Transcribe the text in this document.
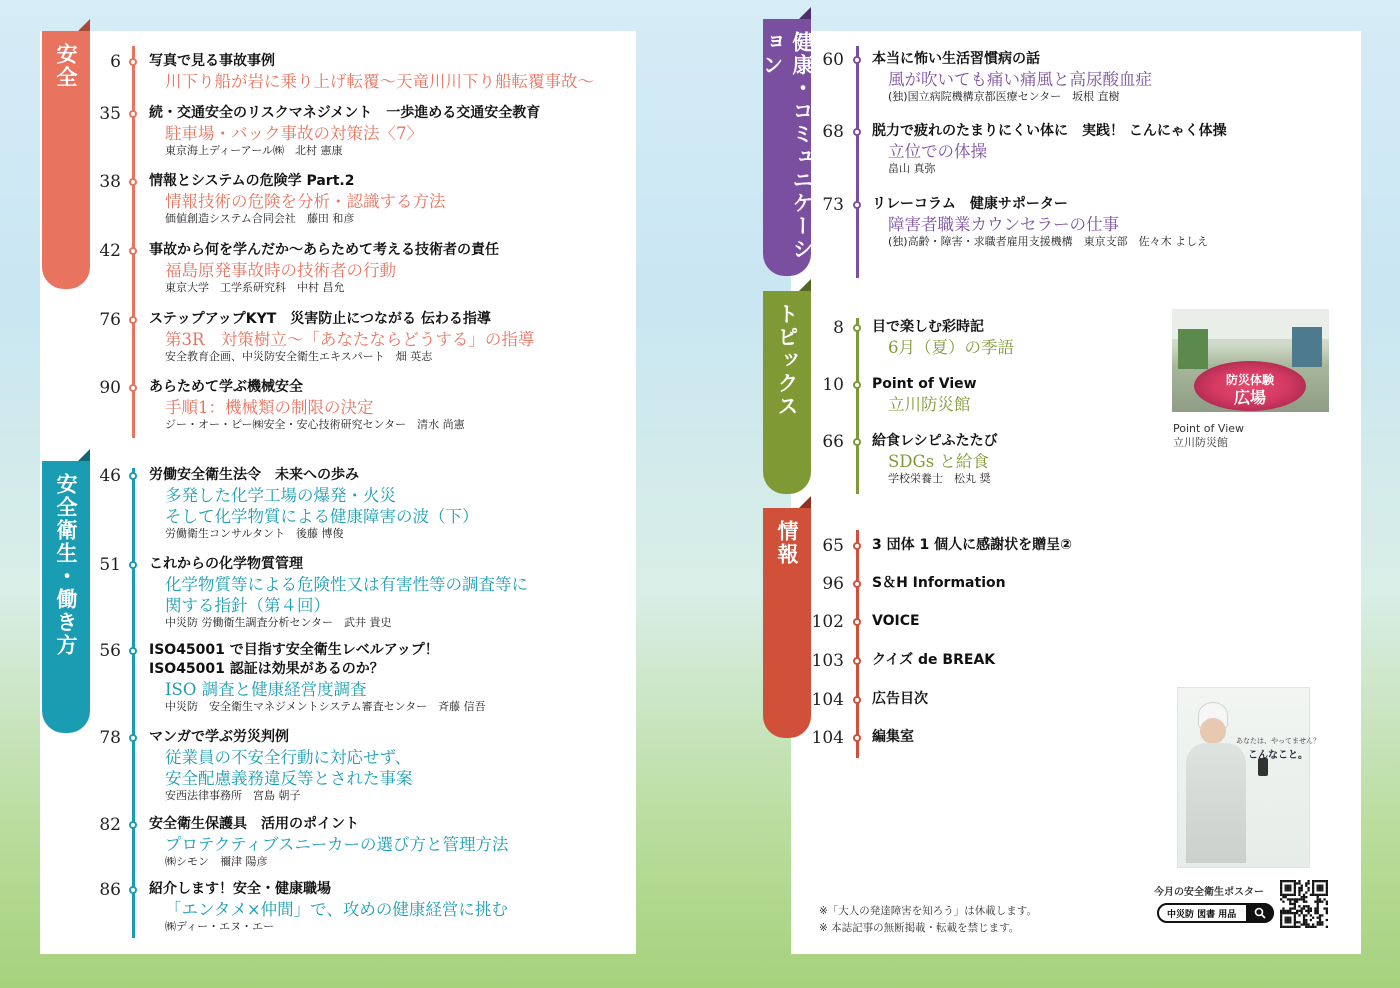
防災体験
広場
Point of View
立川防災館
あなたは、やってません？
こんなこと。
今月の安全衛生ポスター
中災防 図書 用品
※「大人の発達障害を知ろう」は休載します。
※ 本誌記事の無断掲載・転載を禁じます。
安全	6 写真で見る事故事例
川下り船が岩に乗り上げ転覆～天竜川川下り船転覆事故～
35 続・交通安全のリスクマネジメント　一歩進める交通安全教育
駐車場・バック事故の対策法〈7〉
東京海上ディーアール㈱　北村 憲康
38 情報とシステムの危険学 Part.2
情報技術の危険を分析・認識する方法
価値創造システム合同会社　藤田 和彦
42 事故から何を学んだか～あらためて考える技術者の責任
福島原発事故時の技術者の行動
東京大学　工学系研究科　中村 昌允
76 ステップアップKYT　災害防止につながる 伝わる指導
第3R　対策樹立～「あなたならどうする」の指導
安全教育企画、中災防安全衛生エキスパート　畑 英志
90 あらためて学ぶ機械安全
手順1：機械類の制限の決定
ジー・オー・ピー㈱安全・安心技術研究センター　清水 尚憲
安全衛生・働き方	46 労働安全衛生法令　未来への歩み
多発した化学工場の爆発・火災
そして化学物質による健康障害の波（下）
労働衛生コンサルタント　後藤 博俊
51 これからの化学物質管理
化学物質等による危険性又は有害性等の調査等に
関する指針（第４回）
中災防 労働衛生調査分析センター　武井 貴史
56 ISO45001 で目指す安全衛生レベルアップ！
ISO45001 認証は効果があるのか？
ISO 調査と健康経営度調査
中災防　安全衛生マネジメントシステム審査センター　斉藤 信吾
78 マンガで学ぶ労災判例
従業員の不安全行動に対応せず、
安全配慮義務違反等とされた事案
安西法律事務所　宮島 朝子
82 安全衛生保護具　活用のポイント
プロテクティブスニーカーの選び方と管理方法
㈱シモン　禰津 陽彦
86 紹介します！安全・健康職場
「エンタメ×仲間」で、攻めの健康経営に挑む
㈱ディー・エヌ・エー
健康・コミュニケーション	60 本当に怖い生活習慣病の話
風が吹いても痛い痛風と高尿酸血症
(独)国立病院機構京都医療センター　坂根 直樹
68 脱力で疲れのたまりにくい体に　実践！ こんにゃく体操
立位での体操
畠山 真弥
73 リレーコラム　健康サポーター
障害者職業カウンセラーの仕事
(独)高齢・障害・求職者雇用支援機構　東京支部　佐々木 よしえ
トピックス	8 目で楽しむ彩時記
6月（夏）の季語
10 Point of View
立川防災館
66 給食レシピふたたび
SDGs と給食
学校栄養士　松丸 奨
情報	65 3 団体 1 個人に感謝状を贈呈②
96 S＆H Information
102 VOICE
103 クイズ de BREAK
104 広告目次
104 編集室
